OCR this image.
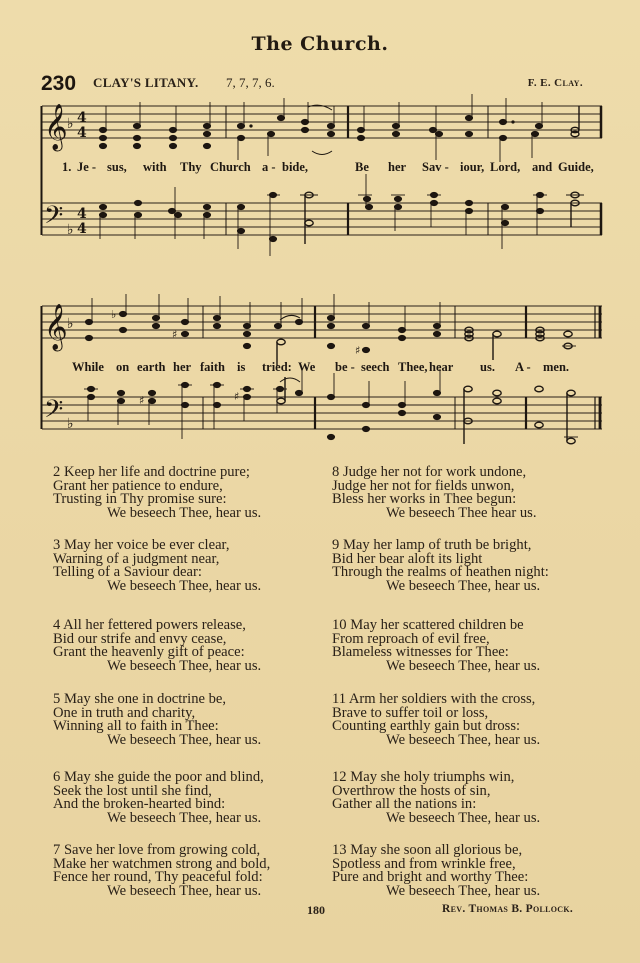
The Church.
230 CLAY'S LITANY. 7, 7, 7, 6.	F. E. Clay.
𝄞 ♭ 4
4
𝄢 ♭
4
4
1. Je - sus, with Thy Church a - bide,	Be her Sav - iour, Lord, and Guide,
𝄞 ♭
𝄢 ♭
♭
♯
♯
♯	♯
While on earth her faith is tried: We be - seech Thee, hear us. A - men.
2 Keep her life and doctrine pure;
Grant her patience to endure,
Trusting in Thy promise sure:
We beseech Thee, hear us.
3 May her voice be ever clear,
Warning of a judgment near,
Telling of a Saviour dear:
We beseech Thee, hear us.
4 All her fettered powers release,
Bid our strife and envy cease,
Grant the heavenly gift of peace:
We beseech Thee, hear us.
5 May she one in doctrine be,
One in truth and charity,
Winning all to faith in Thee:
We beseech Thee, hear us.
6 May she guide the poor and blind,
Seek the lost until she find,
And the broken-hearted bind:
We beseech Thee, hear us.
7 Save her love from growing cold,
Make her watchmen strong and bold,
Fence her round, Thy peaceful fold:
We beseech Thee, hear us.
8 Judge her not for work undone,
Judge her not for fields unwon,
Bless her works in Thee begun:
We beseech Thee hear us.
9 May her lamp of truth be bright,
Bid her bear aloft its light
Through the realms of heathen night:
We beseech Thee, hear us.
10 May her scattered children be
From reproach of evil free,
Blameless witnesses for Thee:
We beseech Thee, hear us.
11 Arm her soldiers with the cross,
Brave to suffer toil or loss,
Counting earthly gain but dross:
We beseech Thee, hear us.
12 May she holy triumphs win,
Overthrow the hosts of sin,
Gather all the nations in:
We beseech Thee, hear us.
13 May she soon all glorious be,
Spotless and from wrinkle free,
Pure and bright and worthy Thee:
We beseech Thee, hear us.
180	Rev. Thomas B. Pollock.
